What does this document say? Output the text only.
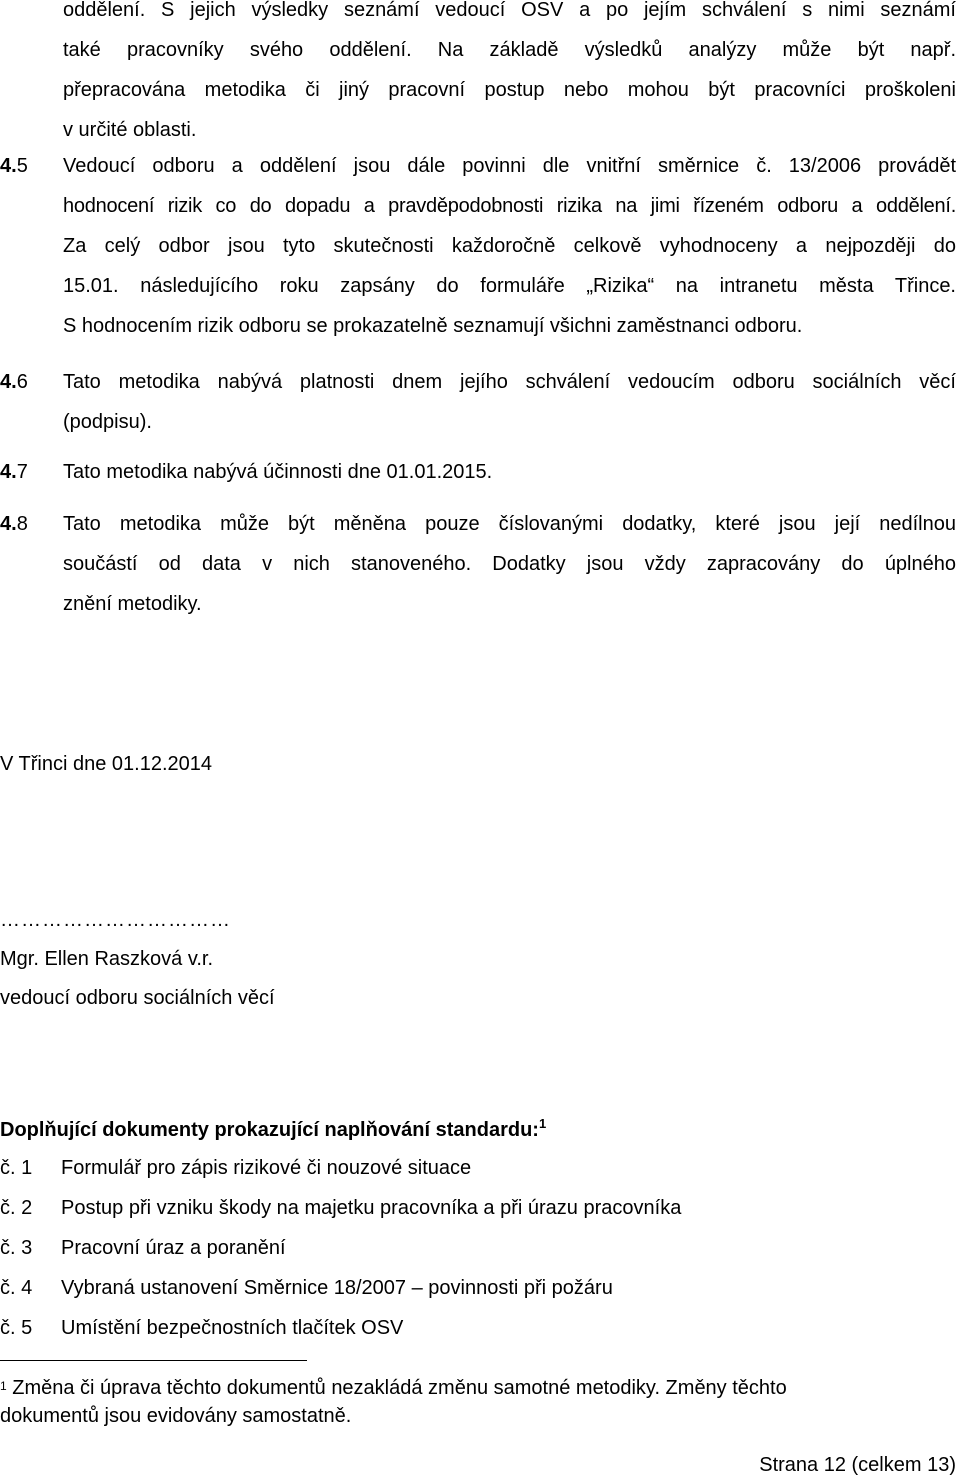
oddělení. S jejich výsledky seznámí vedoucí OSV a po jejím schválení s nimi seznámí
také pracovníky svého oddělení. Na základě výsledků analýzy může být např.
přepracována metodika či jiný pracovní postup nebo mohou být pracovníci proškoleni
v určité oblasti.
4.5	Vedoucí odboru a oddělení jsou dále povinni dle vnitřní směrnice č. 13/2006 provádět
hodnocení rizik co do dopadu a pravděpodobnosti rizika na jimi řízeném odboru a oddělení.
Za celý odbor jsou tyto skutečnosti každoročně celkově vyhodnoceny a nejpozději do
15.01. následujícího roku zapsány do formuláře „Rizika“ na intranetu města Třince.
S hodnocením rizik odboru se prokazatelně seznamují všichni zaměstnanci odboru.
4.6	Tato metodika nabývá platnosti dnem jejího schválení vedoucím odboru sociálních věcí
(podpisu).
4.7	Tato metodika nabývá účinnosti dne 01.01.2015.
4.8	Tato metodika může být měněna pouze číslovanými dodatky, které jsou její nedílnou
součástí od data v nich stanoveného. Dodatky jsou vždy zapracovány do úplného
znění metodiky.
V Třinci dne 01.12.2014
……………………………
Mgr. Ellen Raszková v.r.
vedoucí odboru sociálních věcí
Doplňující dokumenty prokazující naplňování standardu:$^1$
č. 1 Formulář pro zápis rizikové či nouzové situace
č. 2 Postup při vzniku škody na majetku pracovníka a při úrazu pracovníka
č. 3 Pracovní úraz a poranění
č. 4 Vybraná ustanovení Směrnice 18/2007 – povinnosti při požáru
č. 5 Umístění bezpečnostních tlačítek OSV
$^1$ Změna či úprava těchto dokumentů nezakládá změnu samotné metodiky. Změny těchto
dokumentů jsou evidovány samostatně.
Strana 12 (celkem 13)
